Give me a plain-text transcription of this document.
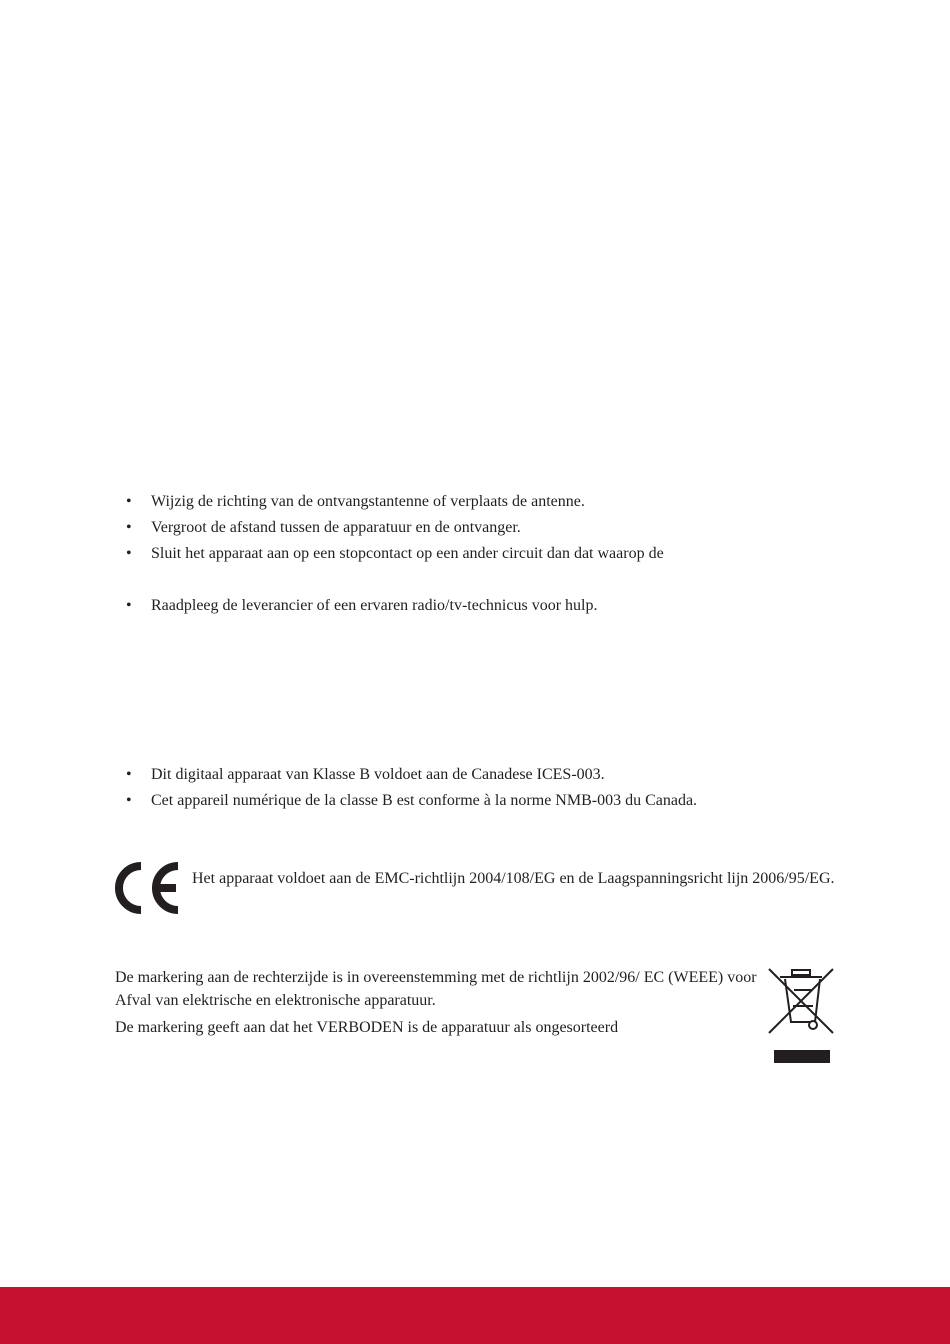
• Wijzig de richting van de ontvangstantenne of verplaats de antenne.
• Vergroot de afstand tussen de apparatuur en de ontvanger.
• Sluit het apparaat aan op een stopcontact op een ander circuit dan dat waarop de
• Raadpleeg de leverancier of een ervaren radio/tv-technicus voor hulp.
• Dit digitaal apparaat van Klasse B voldoet aan de Canadese ICES-003.
• Cet appareil numérique de la classe B est conforme à la norme NMB-003 du Canada.

Het apparaat voldoet aan de EMC-richtlijn 2004/108/EG en de Laagspanningsricht lijn 2006/95/EG.

De markering aan de rechterzijde is in overeenstemming met de richtlijn 2002/96/ EC (WEEE) voor Afval van elektrische en elektronische apparatuur.

De markering geeft aan dat het VERBODEN is de apparatuur als ongesorteerd
